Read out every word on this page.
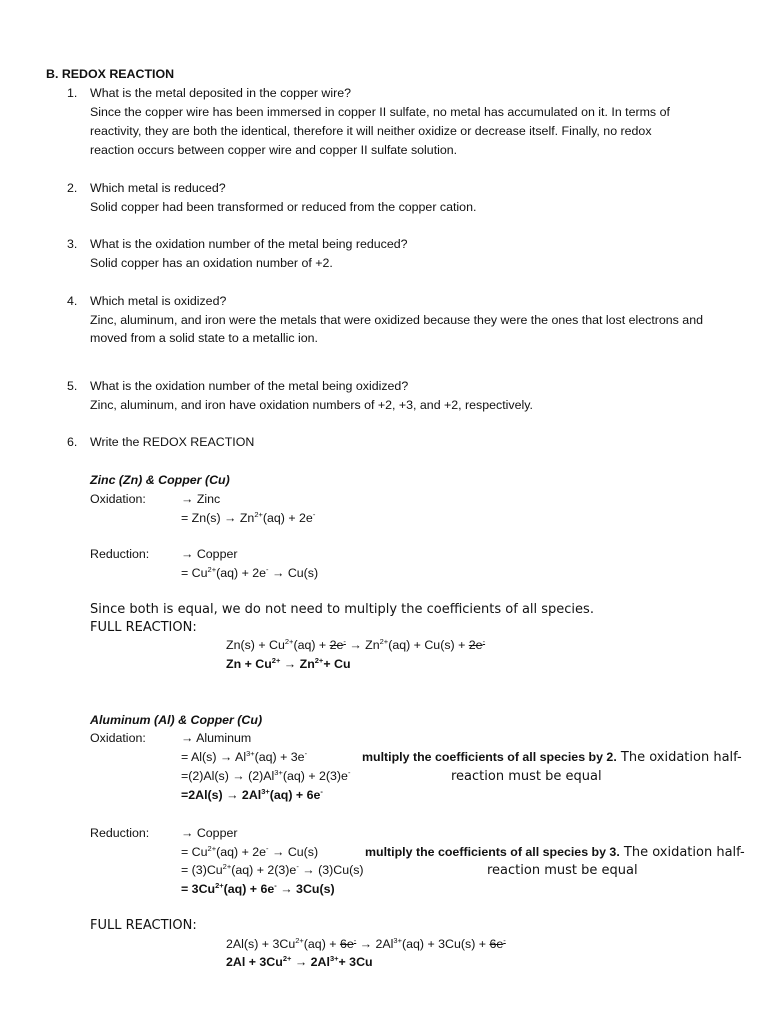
B. REDOX REACTION
1. What is the metal deposited in the copper wire?
Since the copper wire has been immersed in copper II sulfate, no metal has accumulated on it. In terms of
reactivity, they are both the identical, therefore it will neither oxidize or decrease itself. Finally, no redox
reaction occurs between copper wire and copper II sulfate solution.
2. Which metal is reduced?
Solid copper had been transformed or reduced from the copper cation.
3. What is the oxidation number of the metal being reduced?
Solid copper has an oxidation number of +2.
4. Which metal is oxidized?
Zinc, aluminum, and iron were the metals that were oxidized because they were the ones that lost electrons and
moved from a solid state to a metallic ion.
5. What is the oxidation number of the metal being oxidized?
Zinc, aluminum, and iron have oxidation numbers of +2, +3, and +2, respectively.
6. Write the REDOX REACTION
Zinc (Zn) & Copper (Cu)
Oxidation:	→ Zinc
= $Zn(s) \to Zn^{2+}(aq) + 2e^-$
Reduction:	→ Copper
= $Cu^{2+}(aq) + 2e^- \to Cu(s)$
Since both is equal, we do not need to multiply the coefficients of all species.
FULL REACTION:
$Zn(s) + Cu^{2+}(aq) + 2e^- \to Zn^{2+}(aq) + Cu(s) + 2e^-$
$Zn + Cu^{2+} \to Zn^{2+}+ Cu$
Aluminum (Al) & Copper (Cu)
Oxidation:	→ Aluminum
= $Al(s) \to Al^{3+}(aq) + 3e^-$	multiply the coefficients of all species by 2. The oxidation half-
$=(2)Al(s) \to (2)Al^{3+}(aq) + 2(3)e^-$	reaction must be equal
$=2Al(s) \to 2Al^{3+}(aq) + 6e^-$
Reduction:	→ Copper
= $Cu^{2+}(aq) + 2e^- \to Cu(s)$	multiply the coefficients of all species by 3. The oxidation half-
= $(3)Cu^{2+}(aq) + 2(3)e^- \to (3)Cu(s)$	reaction must be equal
= $3Cu^{2+}(aq) + 6e^- \to 3Cu(s)$
FULL REACTION:
$2Al(s) + 3Cu^{2+}(aq) + 6e^- \to 2Al^{3+}(aq) + 3Cu(s) + 6e^-$
$2Al + 3Cu^{2+} \to 2Al^{3+}+ 3Cu$
